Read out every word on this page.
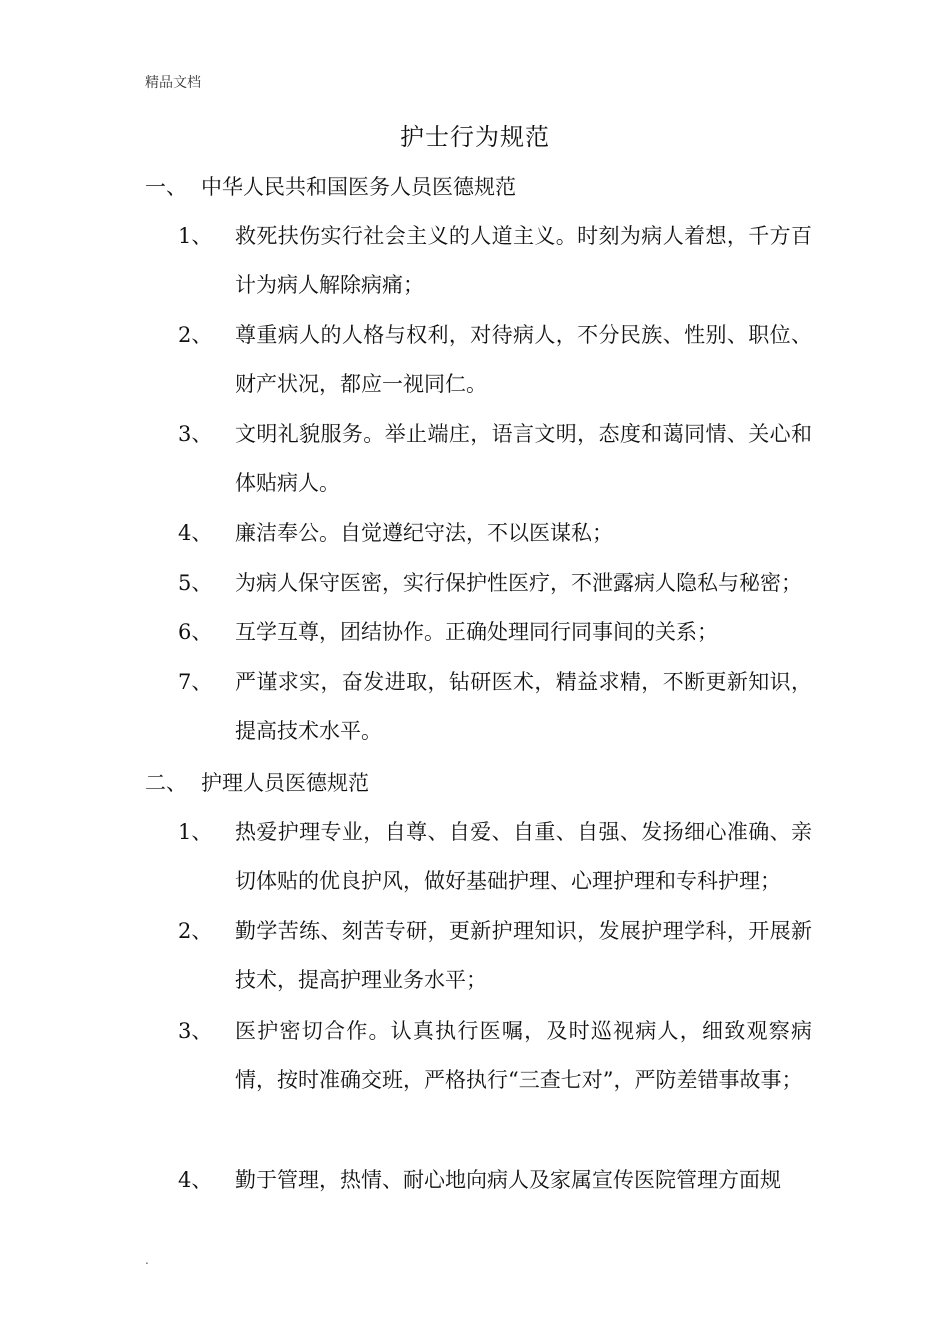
精品文档
护士行为规范
一、 中华人民共和国医务人员医德规范
1、	救死扶伤实行社会主义的人道主义。时刻为病人着想，千方百计为病人解除病痛；
2、	尊重病人的人格与权利，对待病人，不分民族、性别、职位、财产状况，都应一视同仁。
3、	文明礼貌服务。举止端庄，语言文明，态度和蔼同情、关心和体贴病人。
4、	廉洁奉公。自觉遵纪守法，不以医谋私；
5、	为病人保守医密，实行保护性医疗，不泄露病人隐私与秘密；
6、	互学互尊，团结协作。正确处理同行同事间的关系；
7、	严谨求实，奋发进取，钻研医术，精益求精，不断更新知识，提高技术水平。
二、 护理人员医德规范
1、	热爱护理专业，自尊、自爱、自重、自强、发扬细心准确、亲切体贴的优良护风，做好基础护理、心理护理和专科护理；
2、	勤学苦练、刻苦专研，更新护理知识，发展护理学科，开展新技术，提高护理业务水平；
3、	医护密切合作。认真执行医嘱，及时巡视病人，细致观察病情，按时准确交班，严格执行“三查七对”，严防差错事故事；
4、	勤于管理，热情、耐心地向病人及家属宣传医院管理方面规
.
